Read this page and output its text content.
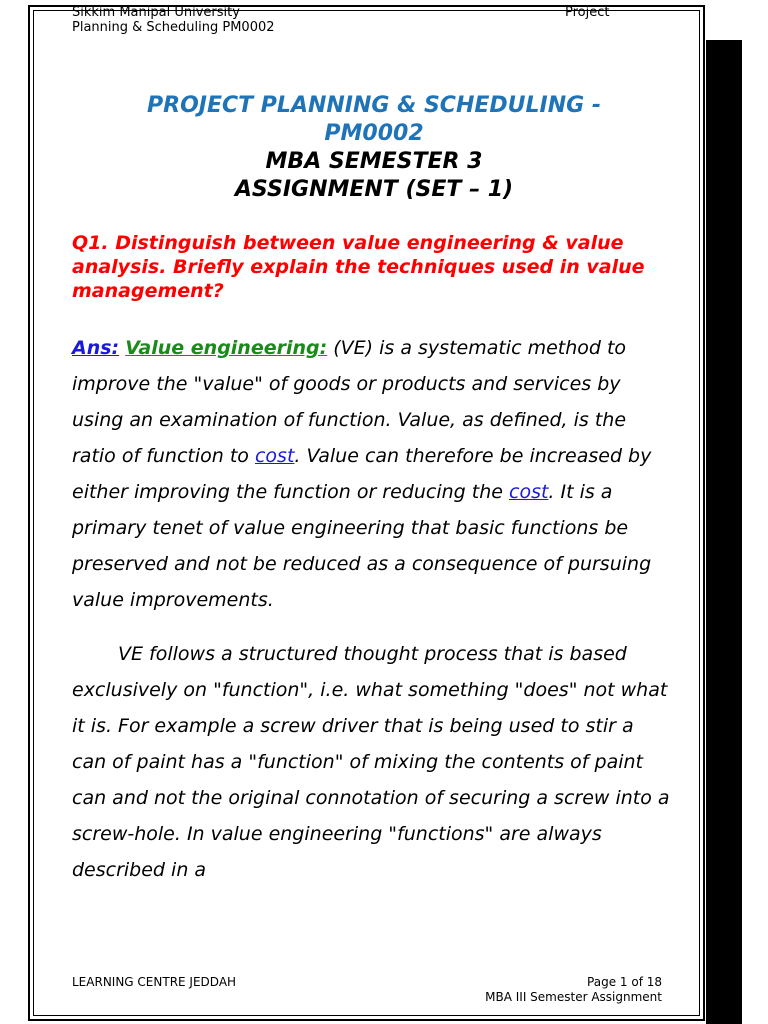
Sikkim Manipal University
Planning & Scheduling PM0002
Project
PROJECT PLANNING & SCHEDULING -
PM0002
MBA SEMESTER 3
ASSIGNMENT (SET – 1)
Q1. Distinguish between value engineering & value analysis. Briefly explain the techniques used in value management?

Ans: Value engineering: (VE) is a systematic method to improve the "value" of goods or products and services by using an examination of function. Value, as defined, is the ratio of function to cost. Value can therefore be increased by either improving the function or reducing the cost. It is a primary tenet of value engineering that basic functions be preserved and not be reduced as a consequence of pursuing value improvements.

VE follows a structured thought process that is based exclusively on "function", i.e. what something "does" not what it is. For example a screw driver that is being used to stir a can of paint has a "function" of mixing the contents of paint can and not the original connotation of securing a screw into a screw-hole. In value engineering "functions" are always described in a

LEARNING CENTRE JEDDAH	Page 1 of 18
MBA III Semester Assignment
